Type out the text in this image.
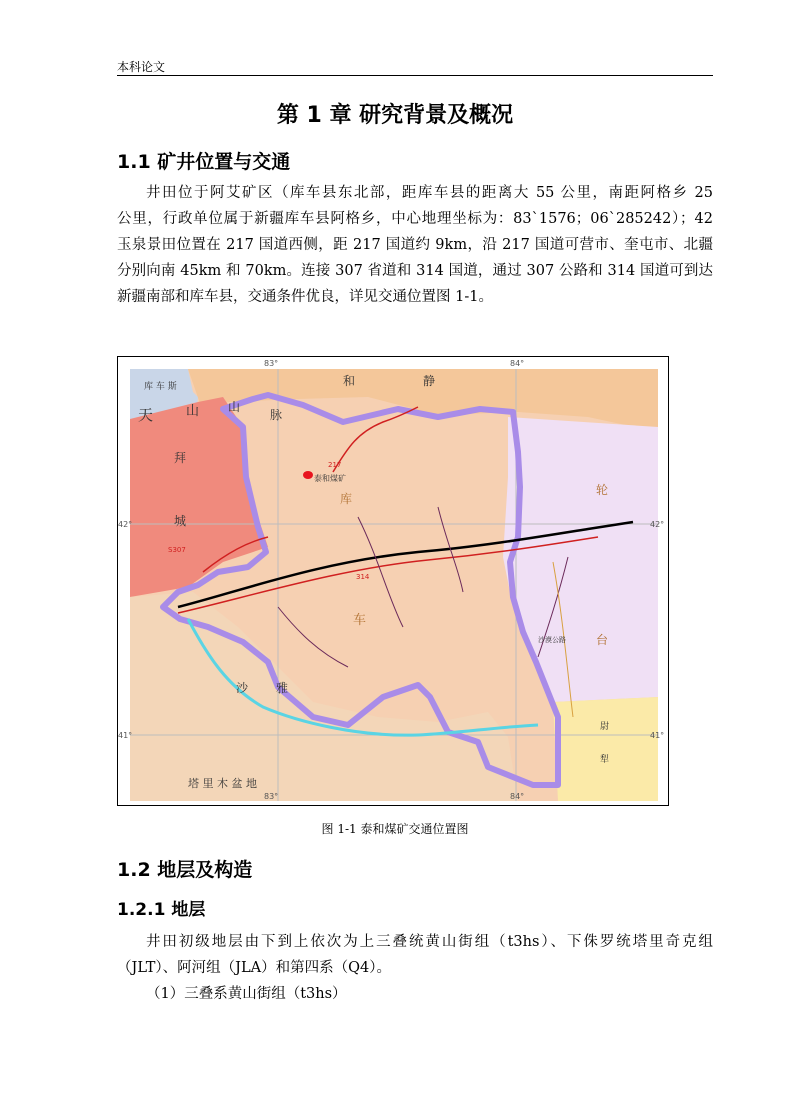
本科论文
第 1 章 研究背景及概况
1.1 矿井位置与交通
井田位于阿艾矿区（库车县东北部，距库车县的距离大 55 公里，南距阿格乡 25
公里，行政单位属于新疆库车县阿格乡，中心地理坐标为：83`1576；06`285242）；42
玉泉景田位置在 217 国道西侧，距 217 国道约 9km，沿 217 国道可营市、奎屯市、北疆
分别向南 45km 和 70km。连接 307 省道和 314 国道，通过 307 公路和 314 国道可到达
新疆南部和库车县，交通条件优良，详见交通位置图 1-1。
83°	84°
83°	84°
42°	42°
41°	41°
库 车 斯
天	山 山
脉
和	静
拜
城
库
车
轮
台
沙 雅
塔 里 木 盆 地
尉
犁
泰和煤矿
217
314
S307
沙漠公路
图 1-1 泰和煤矿交通位置图
1.2 地层及构造
1.2.1 地层
井田初级地层由下到上依次为上三叠统黄山街组（t3hs）、下侏罗统塔里奇克组
（JLT）、阿河组（JLA）和第四系（Q4）。
（1）三叠系黄山街组（t3hs）
